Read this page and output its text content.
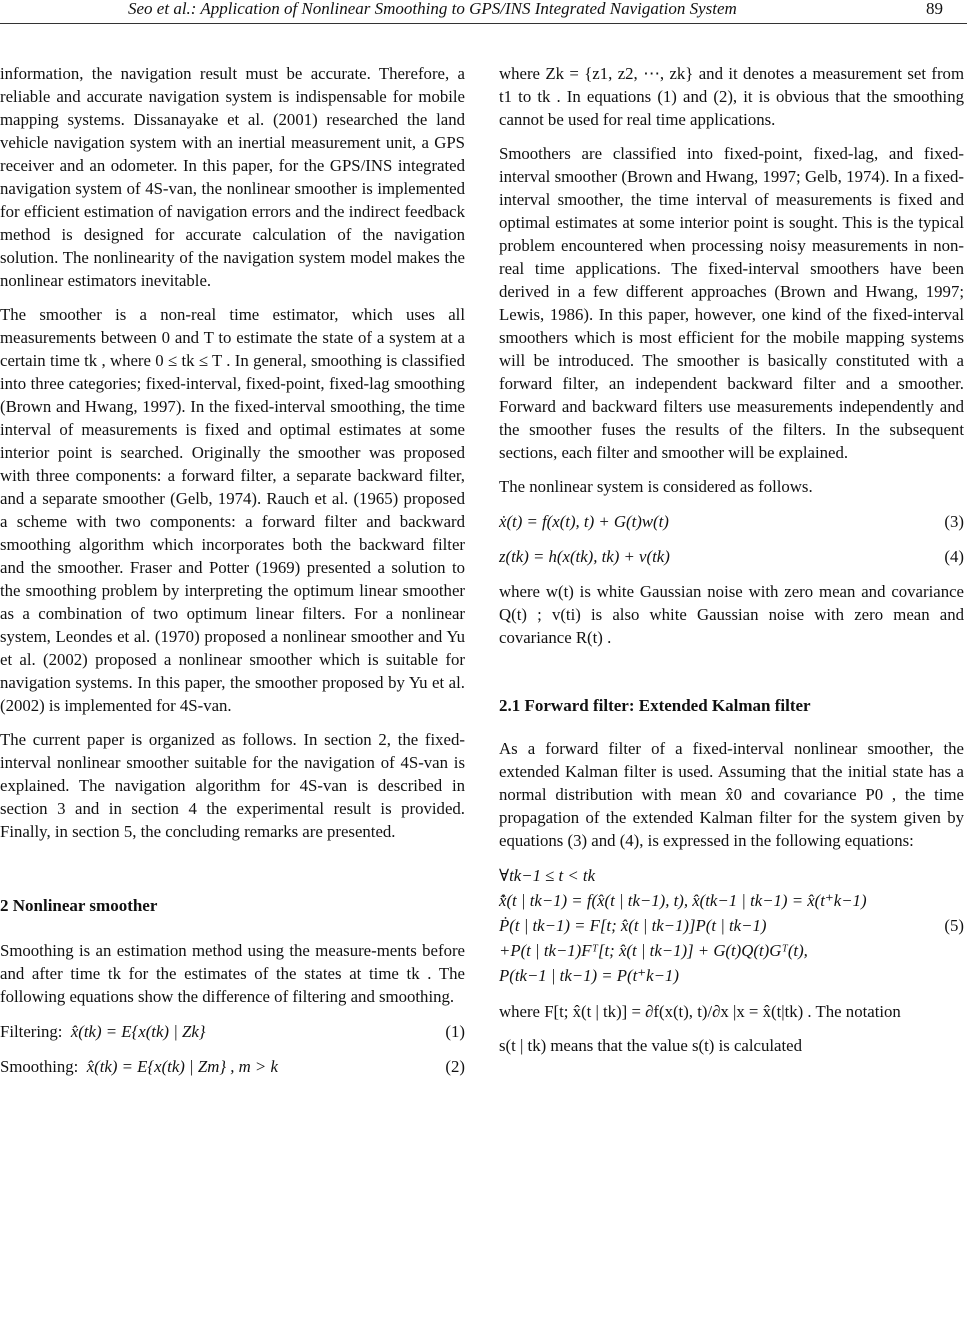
Seo et al.: Application of Nonlinear Smoothing to GPS/INS Integrated Navigation System	89

information, the navigation result must be accurate. Therefore, a reliable and accurate navigation system is indispensable for mobile mapping systems. Dissanayake et al. (2001) researched the land vehicle navigation system with an inertial measurement unit, a GPS receiver and an odometer. In this paper, for the GPS/INS integrated navigation system of 4S-van, the nonlinear smoother is implemented for efficient estimation of navigation errors and the indirect feedback method is designed for accurate calculation of the navigation solution. The nonlinearity of the navigation system model makes the nonlinear estimators inevitable.

The smoother is a non-real time estimator, which uses all measurements between 0 and T to estimate the state of a system at a certain time tk , where 0 ≤ tk ≤ T . In general, smoothing is classified into three categories; fixed-interval, fixed-point, fixed-lag smoothing (Brown and Hwang, 1997). In the fixed-interval smoothing, the time interval of measurements is fixed and optimal estimates at some interior point is searched. Originally the smoother was proposed with three components: a forward filter, a separate backward filter, and a separate smoother (Gelb, 1974). Rauch et al. (1965) proposed a scheme with two components: a forward filter and backward smoothing algorithm which incorporates both the backward filter and the smoother. Fraser and Potter (1969) presented a solution to the smoothing problem by interpreting the optimum linear smoother as a combination of two optimum linear filters. For a nonlinear system, Leondes et al. (1970) proposed a nonlinear smoother and Yu et al. (2002) proposed a nonlinear smoother which is suitable for navigation systems. In this paper, the smoother proposed by Yu et al. (2002) is implemented for 4S-van.

The current paper is organized as follows. In section 2, the fixed-interval nonlinear smoother suitable for the navigation of 4S-van is explained. The navigation algorithm for 4S-van is described in section 3 and in section 4 the experimental result is provided. Finally, in section 5, the concluding remarks are presented.

2 Nonlinear smoother

Smoothing is an estimation method using the measure-ments before and after time tk for the estimates of the states at time tk . The following equations show the difference of filtering and smoothing.

Filtering: x̂(tk) = E{x(tk) | Zk}	(1)
Smoothing: x̂(tk) = E{x(tk) | Zm} , m > k	(2)

where Zk = {z1, z2, ⋯, zk} and it denotes a measurement set from t1 to tk . In equations (1) and (2), it is obvious that the smoothing cannot be used for real time applications.

Smoothers are classified into fixed-point, fixed-lag, and fixed-interval smoother (Brown and Hwang, 1997; Gelb, 1974). In a fixed-interval smoother, the time interval of measurements is fixed and optimal estimates at some interior point is sought. This is the typical problem encountered when processing noisy measurements in non-real time applications. The fixed-interval smoothers have been derived in a few different approaches (Brown and Hwang, 1997; Lewis, 1986). In this paper, however, one kind of the fixed-interval smoothers which is most efficient for the mobile mapping systems will be introduced. The smoother is basically constituted with a forward filter, an independent backward filter and a smoother. Forward and backward filters use measurements independently and the smoother fuses the results of the filters. In the subsequent sections, each filter and smoother will be explained.

The nonlinear system is considered as follows.

ẋ(t) = f(x(t), t) + G(t)w(t)	(3)
z(tk) = h(x(tk), tk) + v(tk)	(4)

where w(t) is white Gaussian noise with zero mean and covariance Q(t) ; v(ti) is also white Gaussian noise with zero mean and covariance R(t) .

2.1 Forward filter: Extended Kalman filter

As a forward filter of a fixed-interval nonlinear smoother, the extended Kalman filter is used. Assuming that the initial state has a normal distribution with mean x̂0 and covariance P0 , the time propagation of the extended Kalman filter for the system given by equations (3) and (4), is expressed in the following equations:

∀tk−1 ≤ t < tk
x̂̇(t | tk−1) = f(x̂(t | tk−1), t), x̂(tk−1 | tk−1) = x̂(t⁺k−1)
Ṗ(t | tk−1) = F[t; x̂(t | tk−1)]P(t | tk−1)
+P(t | tk−1)Fᵀ[t; x̂(t | tk−1)] + G(t)Q(t)Gᵀ(t),
P(tk−1 | tk−1) = P(t⁺k−1)
(5)

where F[t; x̂(t | tk)] = ∂f(x(t), t)/∂x |x = x̂(t|tk) . The notation

s(t | tk) means that the value s(t) is calculated
